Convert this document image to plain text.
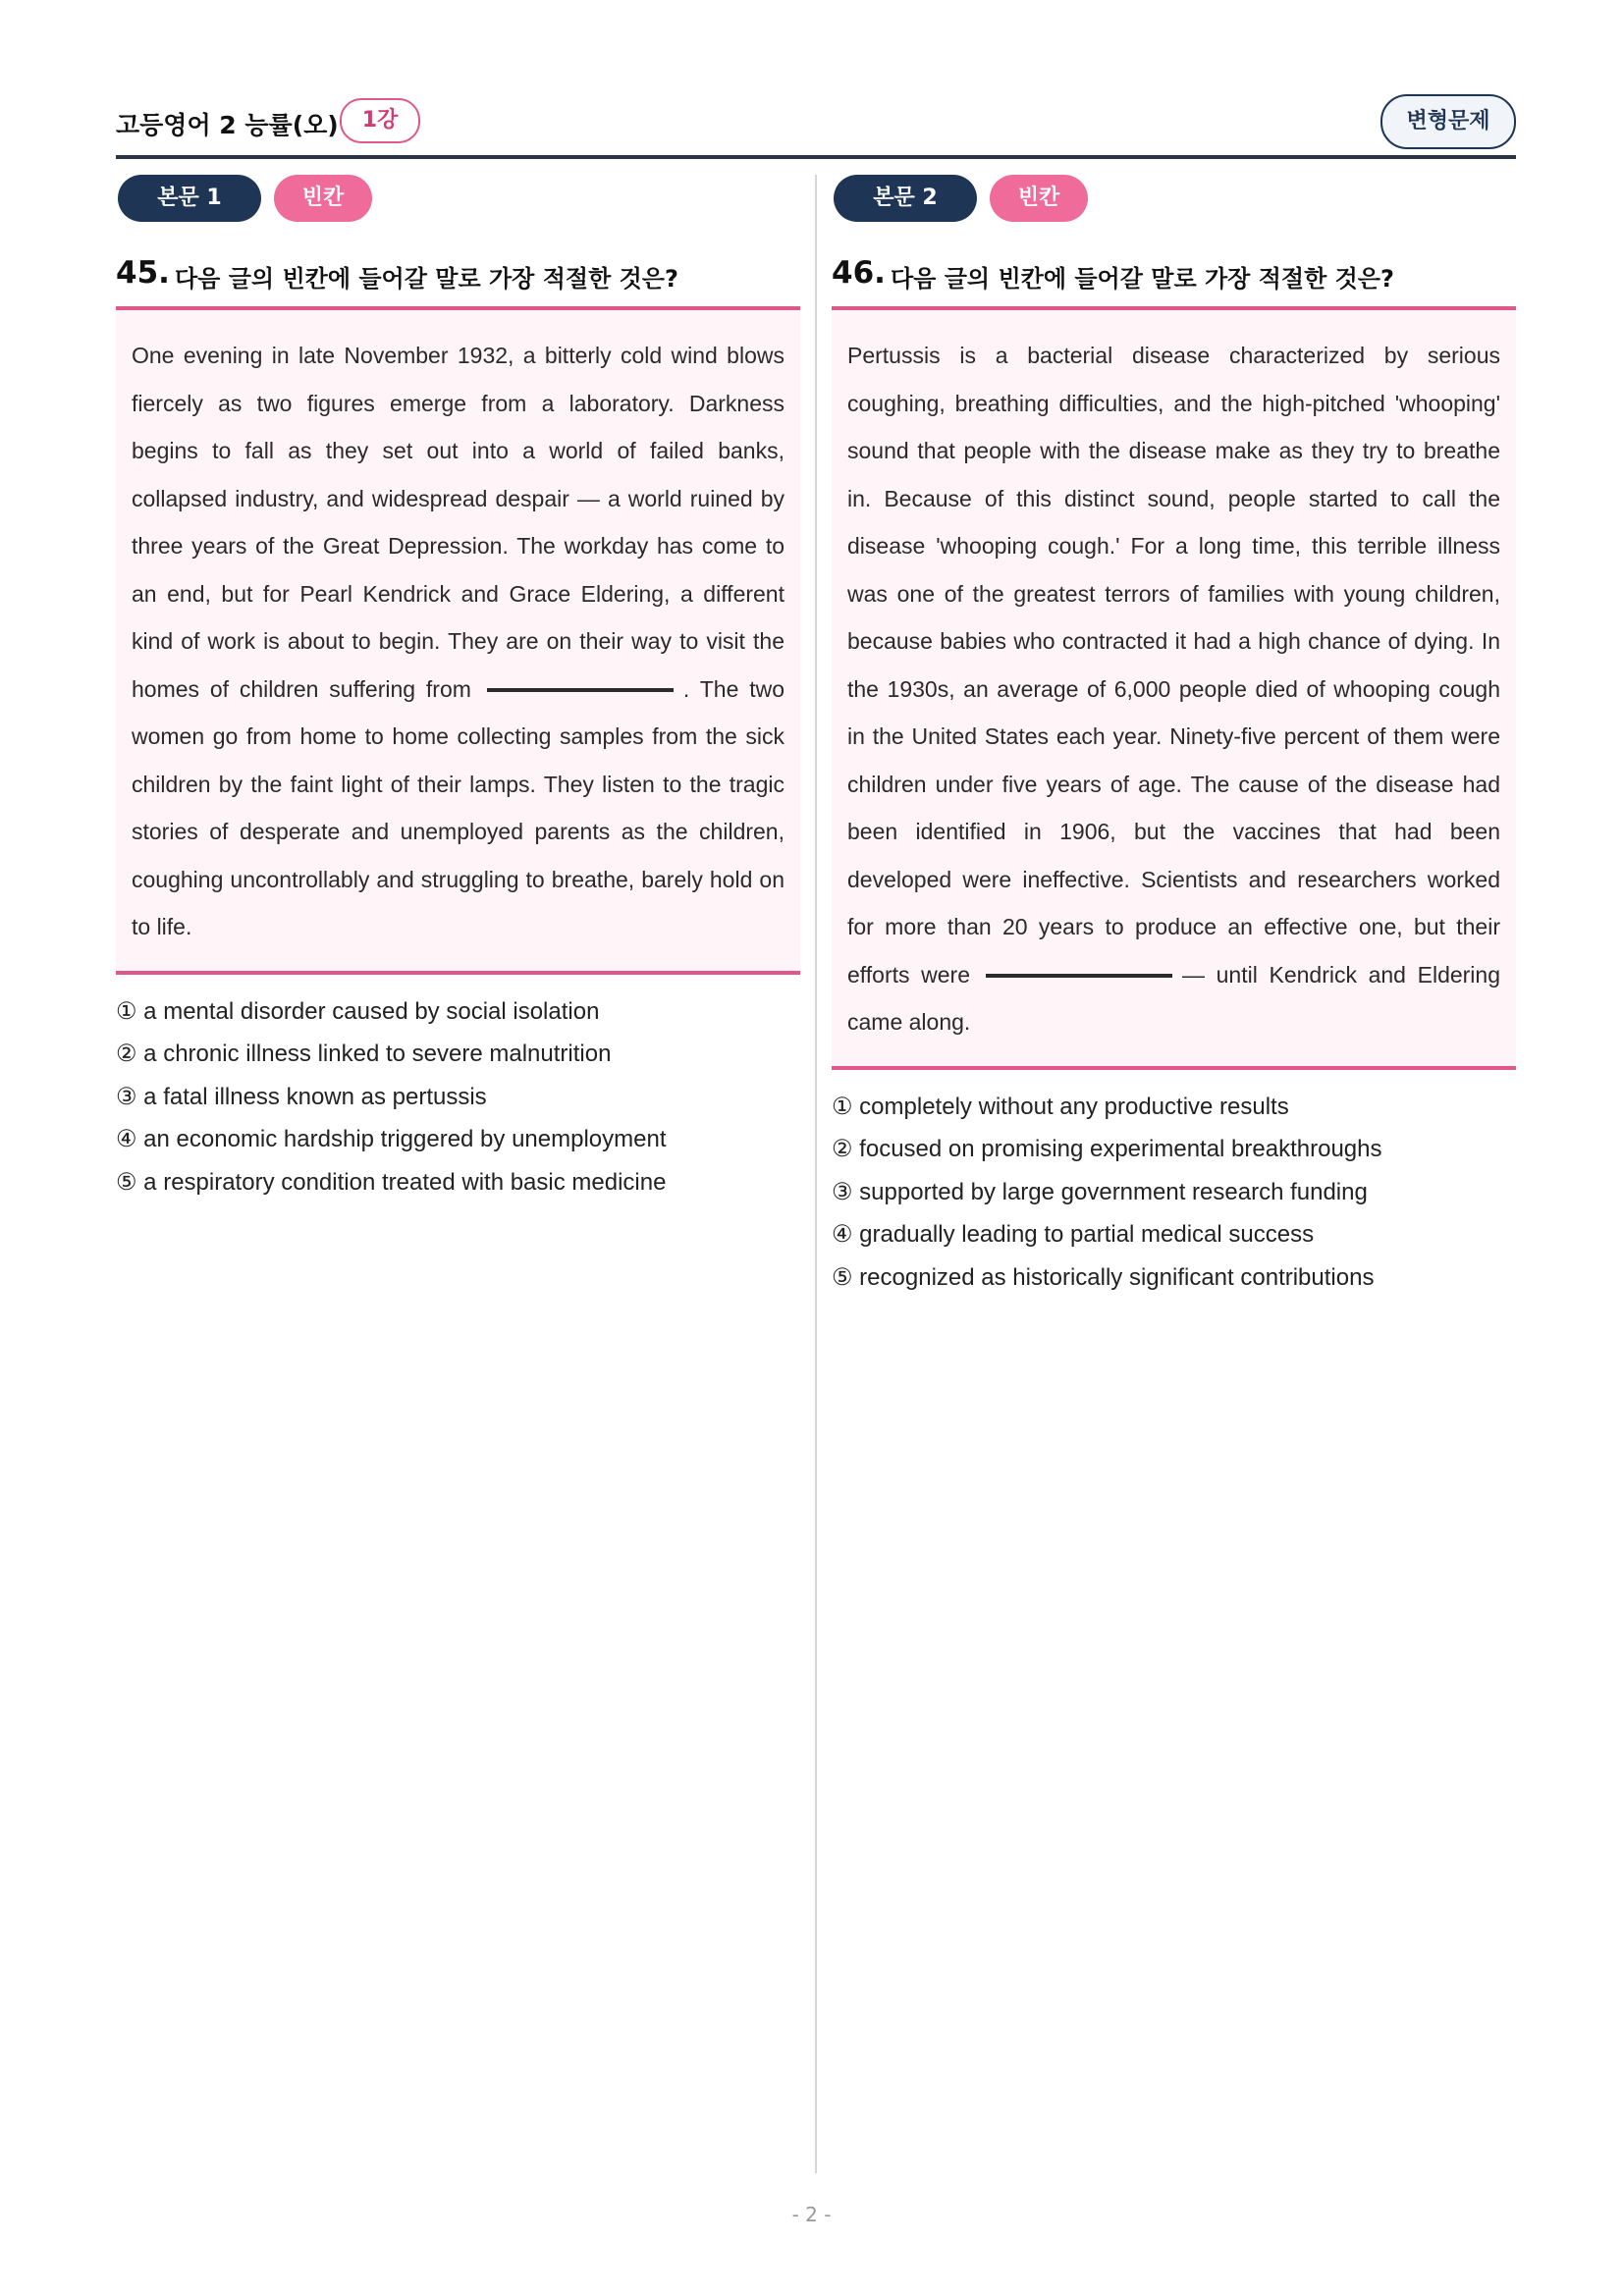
고등영어 2 능률(오)	1강	변형문제
본문 1	빈칸
45. 다음 글의 빈칸에 들어갈 말로 가장 적절한 것은?
One evening in late November 1932, a bitterly cold wind blows fiercely as two figures emerge from a laboratory. Darkness begins to fall as they set out into a world of failed banks, collapsed industry, and widespread despair — a world ruined by three years of the Great Depression. The workday has come to an end, but for Pearl Kendrick and Grace Eldering, a different kind of work is about to begin. They are on their way to visit the homes of children suffering from	. The two women go from home to home collecting samples from the sick children by the faint light of their lamps. They listen to the tragic stories of desperate and unemployed parents as the children, coughing uncontrollably and struggling to breathe, barely hold on to life.
① a mental disorder caused by social isolation
② a chronic illness linked to severe malnutrition
③ a fatal illness known as pertussis
④ an economic hardship triggered by unemployment
⑤ a respiratory condition treated with basic medicine
본문 2	빈칸
46. 다음 글의 빈칸에 들어갈 말로 가장 적절한 것은?
Pertussis is a bacterial disease characterized by serious coughing, breathing difficulties, and the high-pitched 'whooping' sound that people with the disease make as they try to breathe in. Because of this distinct sound, people started to call the disease 'whooping cough.' For a long time, this terrible illness was one of the greatest terrors of families with young children, because babies who contracted it had a high chance of dying. In the 1930s, an average of 6,000 people died of whooping cough in the United States each year. Ninety-five percent of them were children under five years of age. The cause of the disease had been identified in 1906, but the vaccines that had been developed were ineffective. Scientists and researchers worked for more than 20 years to produce an effective one, but their efforts were	— until Kendrick and Eldering came along.
① completely without any productive results
② focused on promising experimental breakthroughs
③ supported by large government research funding
④ gradually leading to partial medical success
⑤ recognized as historically significant contributions
- 2 -
